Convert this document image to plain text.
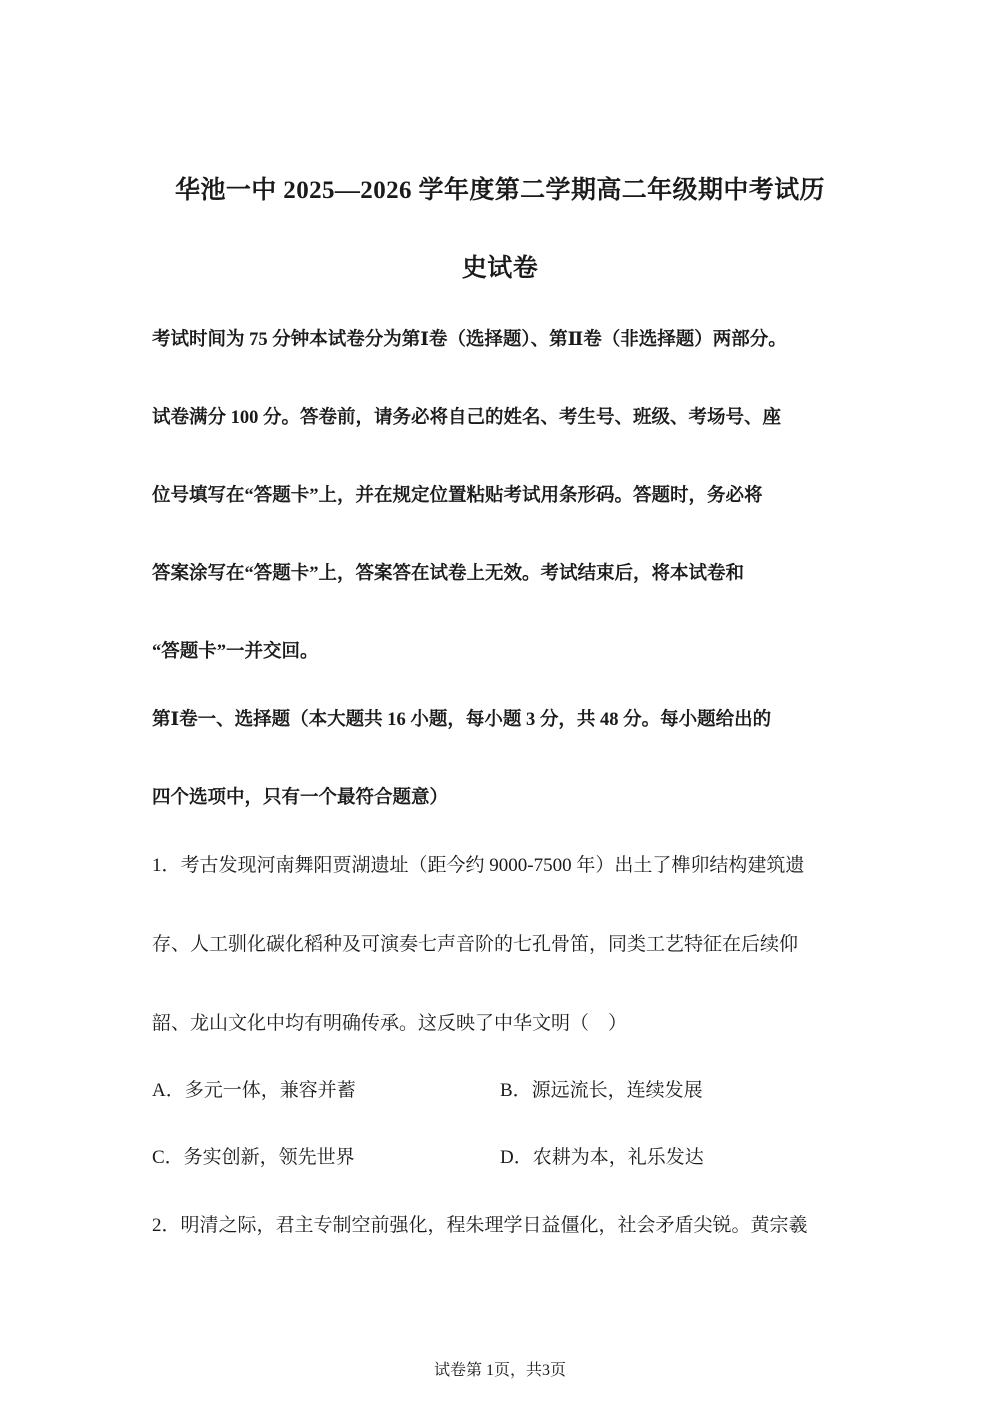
华池一中 2025—2026 学年度第二学期高二年级期中考试历

史试卷

考试时间为 75 分钟本试卷分为第Ⅰ卷（选择题）、第Ⅱ卷（非选择题）两部分。

试卷满分 100 分。答卷前，请务必将自己的姓名、考生号、班级、考场号、座

位号填写在“答题卡”上，并在规定位置粘贴考试用条形码。答题时，务必将

答案涂写在“答题卡”上，答案答在试卷上无效。考试结束后，将本试卷和

“答题卡”一并交回。

第Ⅰ卷一、选择题（本大题共 16 小题，每小题 3 分，共 48 分。每小题给出的

四个选项中，只有一个最符合题意）

1．考古发现河南舞阳贾湖遗址（距今约 9000-7500 年）出土了榫卯结构建筑遗

存、人工驯化碳化稻种及可演奏七声音阶的七孔骨笛，同类工艺特征在后续仰

韶、龙山文化中均有明确传承。这反映了中华文明（　）

A．多元一体，兼容并蓄	B．源远流长，连续发展

C．务实创新，领先世界	D．农耕为本，礼乐发达

2．明清之际，君主专制空前强化，程朱理学日益僵化，社会矛盾尖锐。黄宗羲

试卷第 1页，共3页
